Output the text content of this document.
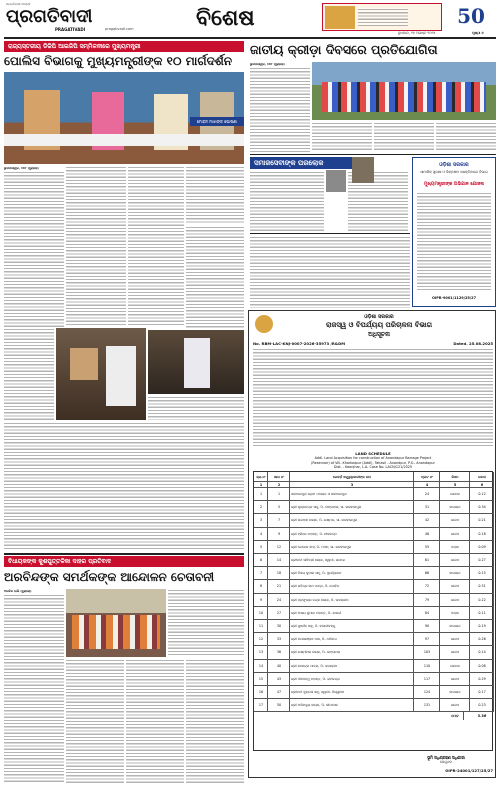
ପ୍ରଗତିବାଦୀ ସଂଗ୍ରହ
ପ୍ରଗତିବାଦୀ
PRAGATIVADI	pragativadi.com	ବିଶେଷ	50
ବୁଧବାର, ୨୭ ଅଗଷ୍ଟ ୨୦୨୫	ପୃଷ୍ଠା ୭
ରାଜ୍ୟସ୍ତରୀୟ ଡିଜିପି ଆଇଜିପି ସମ୍ମିଳନୀରେ ମୁଖ୍ୟମନ୍ତ୍ରୀ
ପୋଲିସ ବିଭାଗକୁ ମୁଖ୍ୟମନ୍ତ୍ରୀଙ୍କ ୧୦ ମାର୍ଗଦର୍ଶନ
ମୋହନ ମାଝୀଙ୍କ ଘୋଷଣା
ଭୁବନେଶ୍ୱର, ୨୬ା୮ (ବ୍ୟୁରୋ)
ଜାତୀୟ କ୍ରୀଡ଼ା ଦିବସରେ ପ୍ରତିଯୋଗିତା
ଭୁବନେଶ୍ୱର, ୨୬ା୮ (ବ୍ୟୁରୋ)
ସମାଜସେବୀଙ୍କ ପରଲୋକ	ଓଡ଼ିଶା ସରକାର
ସାମାଜିକ ସୁରକ୍ଷା ଓ ଭିନ୍ନକ୍ଷମ ସଶକ୍ତିକରଣ ବିଭାଗ
ମୁଖ୍ୟମନ୍ତ୍ରୀଙ୍କ ଅଭିଯାନ ଯୋଜନା
OIPR-9001/1129/25/27
ଓଡ଼ିଶା ସରକାର
ରାଜସ୍ୱ ଓ ବିପର୍ଯ୍ୟୟ ପରିଚାଳନା ବିଭାଗ
ଅଧିସୂଚନା
No. RBM-LAC-KNJ-0007-2026-35973 /R&DM	Dated. 25.08.2025
LAND SCHEDULE
Addl. Land Acquisition for construction of Anandapur Barrage Project
(Reservoir) of Vill- Kharbaipur (Addl), Tahasil - Anandpur, P.S.- Anandapur
Dist. - Keonjhar, L.A. Case No. LACN/121/2025
କ୍ର.ନଂ	ଖାତା ନଂ	ରେକର୍ଡ଼ ସତ୍ତ୍ୱାଧିକାରୀଙ୍କ ନାମ	ପ୍ଲଟ ନଂ	କିସମ	ରକବା
1	2	3	4	5	6
1	1	ଖରବାଇପୁର ଗ୍ରାମ ପଞ୍ଚାୟତ ଓ ଖରବାଇପୁର	24	ଗୋଚର	0.12
2	5	ଶ୍ରୀ କୃଷ୍ଣଚନ୍ଦ୍ର ସାହୁ, ପି- ଗଙ୍ଗାଧର, ସା- ଖରବାଇପୁର	31	ବାଗାୟତ	0.34
3	7	ଶ୍ରୀ ଭଗବାନ ନାୟକ, ପି- ଲକ୍ଷ୍ମଣ, ସା- ଖରବାଇପୁର	42	ଶାରଦ	0.21
4	9	ଶ୍ରୀ ହରିହର ମହାନ୍ତ, ପି- ନୀଳକଣ୍ଠ	48	ଶାରଦ	0.18
5	12	ଶ୍ରୀ ଗୋପାଳ ଦାସ, ପି- ମଦନ, ସା- ଖରବାଇପୁର	55	ଦଣ୍ଡା	0.09
6	14	ଶ୍ରୀମତୀ ସାବିତ୍ରୀ ନାୟକ, ସ୍ୱାମୀ- ରମେଶ	61	ଶାରଦ	0.27
7	18	ଶ୍ରୀ ବିଜୟ କୁମାର ସାହୁ, ପି- ଦୁର୍ଯ୍ୟୋଧନ	66	ବାଗାୟତ	0.15
8	21	ଶ୍ରୀ ରବିନ୍ଦ୍ର ନାଥ ପାତ୍ର, ପି- ଗୋବିନ୍ଦ	72	ଶାରଦ	0.31
9	24	ଶ୍ରୀ ପ୍ରଫୁଲ୍ଲ ଚନ୍ଦ୍ର ନାୟକ, ପି- ଉଦୟନାଥ	79	ଶାରଦ	0.22
10	27	ଶ୍ରୀ ଅକ୍ଷୟ କୁମାର ମହାନ୍ତ, ପି- କାଳନ୍ଦୀ	84	ଦଣ୍ଡା	0.11
11	30	ଶ୍ରୀ ସୁଦର୍ଶନ ସାହୁ, ପି- ବାଉରୀବନ୍ଧୁ	90	ବାଗାୟତ	0.19
12	33	ଶ୍ରୀ ମନୋରଞ୍ଜନ ଦାସ, ପି- ଧର୍ମାନନ୍ଦ	97	ଶାରଦ	0.26
13	36	ଶ୍ରୀ ଲକ୍ଷ୍ମୀଧର ନାୟକ, ପି- ଗଙ୍ଗାଧର	103	ଶାରଦ	0.14
14	40	ଶ୍ରୀ ନରେନ୍ଦ୍ର ପାତ୍ର, ପି- ଜଗନ୍ନାଥ	110	ଗୋଚର	0.08
15	43	ଶ୍ରୀ ଦୀନବନ୍ଧୁ ମହାନ୍ତ, ପି- ରାମଚନ୍ଦ୍ର	117	ଶାରଦ	0.29
16	47	ଶ୍ରୀମତୀ କୁନ୍ତଳା ସାହୁ, ସ୍ୱାମୀ- ବିଶ୍ୱନାଥ	124	ବାଗାୟତ	0.17
17	50	ଶ୍ରୀ ଅଭିମନ୍ୟୁ ନାୟକ, ପି- ଭୀମସେନ	131	ଶାରଦ	0.23
ମୋଟ	3.36
ଭୂମି ଅଧିଗ୍ରହଣ ଅଧିକାରୀ
କେନ୍ଦୁଝର
OIPR-24001/127/25/27
ବିଧାୟକଙ୍କ କୁଶପୁତ୍ତଳିକା ଦାହର ପ୍ରତିବାଦ
ଅରବିନ୍ଦଙ୍କ ସମର୍ଥକଙ୍କ ଆନ୍ଦୋଳନ ଚେତାବନୀ
ଅରବିନ୍ଦ ଧାଲି (ବ୍ୟୁରୋ)
